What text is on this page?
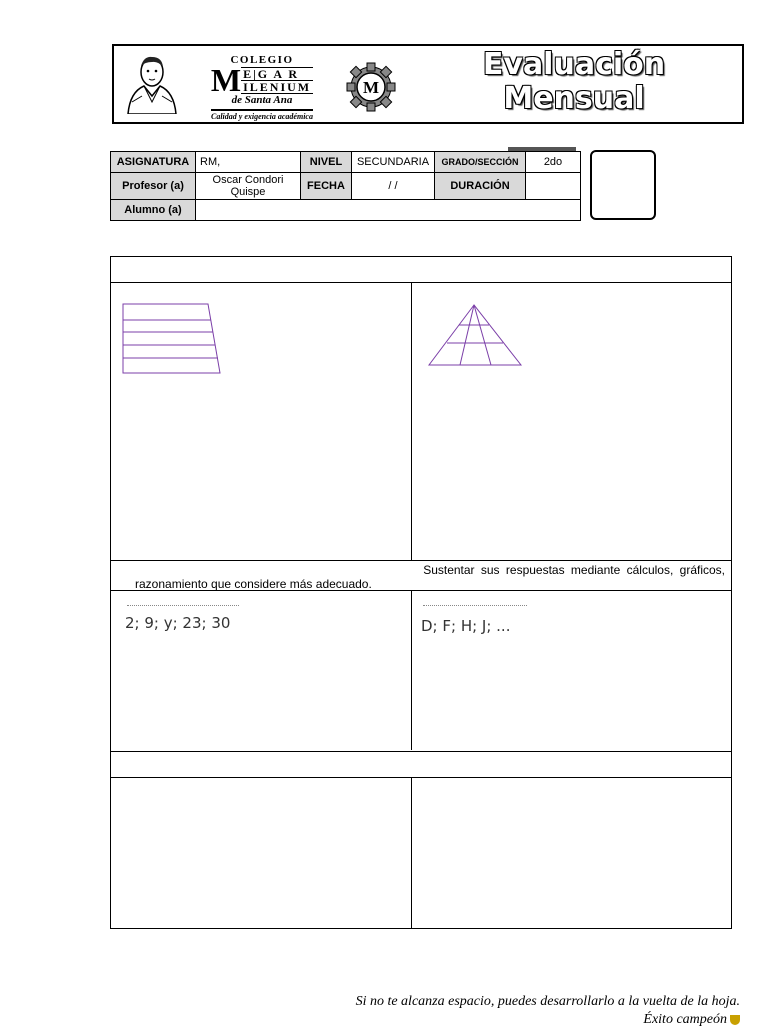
COLEGIO
M E|G A R
ILENIUM
de Santa Ana
Calidad y exigencia académica
M
Evaluación
Mensual
ASIGNATURA	RM,	NIVEL	SECUNDARIA	GRADO/SECCIÓN	2do
Profesor (a)	Oscar Condori Quispe	FECHA	/ /	DURACIÓN	
Alumno (a)					
Sustentar sus respuestas mediante cálculos, gráficos,
razonamiento que considere más adecuado.
2; 9; y; 23; 30	D; F; H; J; ...
Si no te alcanza espacio, puedes desarrollarlo a la vuelta de la hoja.
Éxito campeón
